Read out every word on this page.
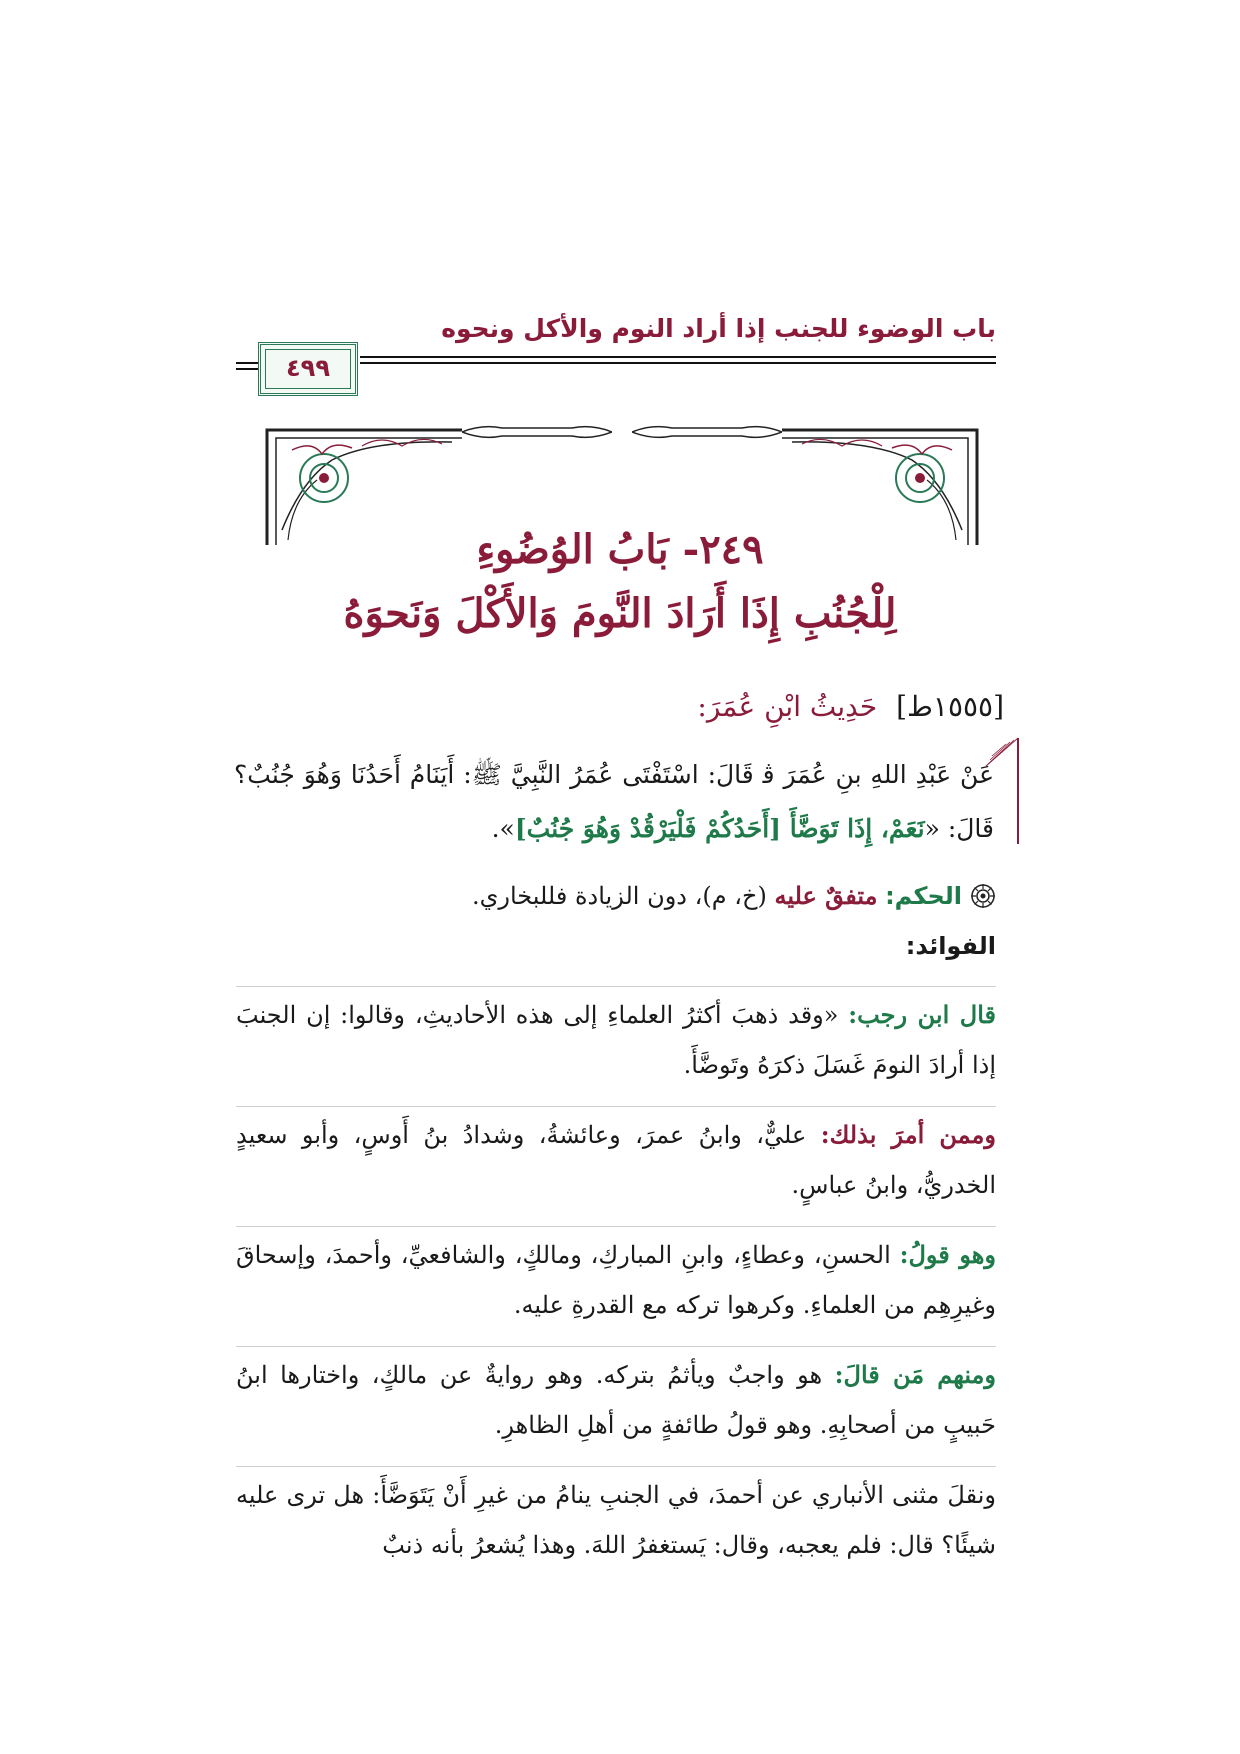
باب الوضوء للجنب إذا أراد النوم والأكل ونحوه
٤٩٩
٢٤٩- بَابُ الوُضُوءِ
لِلْجُنُبِ إِذَا أَرَادَ النَّومَ وَالأَكْلَ وَنَحوَهُ
[١٥٥٥ط] حَدِيثُ ابْنِ عُمَرَ:
عَنْ عَبْدِ اللهِ بنِ عُمَرَ ﭬ قَالَ: اسْتَفْتَى عُمَرُ النَّبِيَّ ﷺ: أَيَنَامُ أَحَدُنَا وَهُوَ جُنُبٌ؟ قَالَ: «نَعَمْ، إِذَا تَوَضَّأَ [أَحَدُكُمْ فَلْيَرْقُدْ وَهُوَ جُنُبٌ]».
الحكم: متفقٌ عليه (خ، م)، دون الزيادة فللبخاري.
الفوائد:
قال ابن رجب: «وقد ذهبَ أكثرُ العلماءِ إلى هذه الأحاديثِ، وقالوا: إن الجنبَ إذا أرادَ النومَ غَسَلَ ذكرَهُ وتَوضَّأَ.
وممن أمرَ بذلك: عليٌّ، وابنُ عمرَ، وعائشةُ، وشدادُ بنُ أَوسٍ، وأبو سعيدٍ الخدريُّ، وابنُ عباسٍ.
وهو قولُ: الحسنِ، وعطاءٍ، وابنِ المباركِ، ومالكٍ، والشافعيِّ، وأحمدَ، وإسحاقَ وغيرِهِم من العلماءِ. وكرهوا تركه مع القدرةِ عليه.
ومنهم مَن قالَ: هو واجبٌ ويأثمُ بتركه. وهو روايةٌ عن مالكٍ، واختارها ابنُ حَبيبٍ من أصحابِهِ. وهو قولُ طائفةٍ من أهلِ الظاهرِ.
ونقلَ مثنى الأنباري عن أحمدَ، في الجنبِ ينامُ من غيرِ أَنْ يَتَوَضَّأَ: هل ترى عليه شيئًا؟ قال: فلم يعجبه، وقال: يَستغفرُ اللهَ. وهذا يُشعرُ بأنه ذنبٌ
